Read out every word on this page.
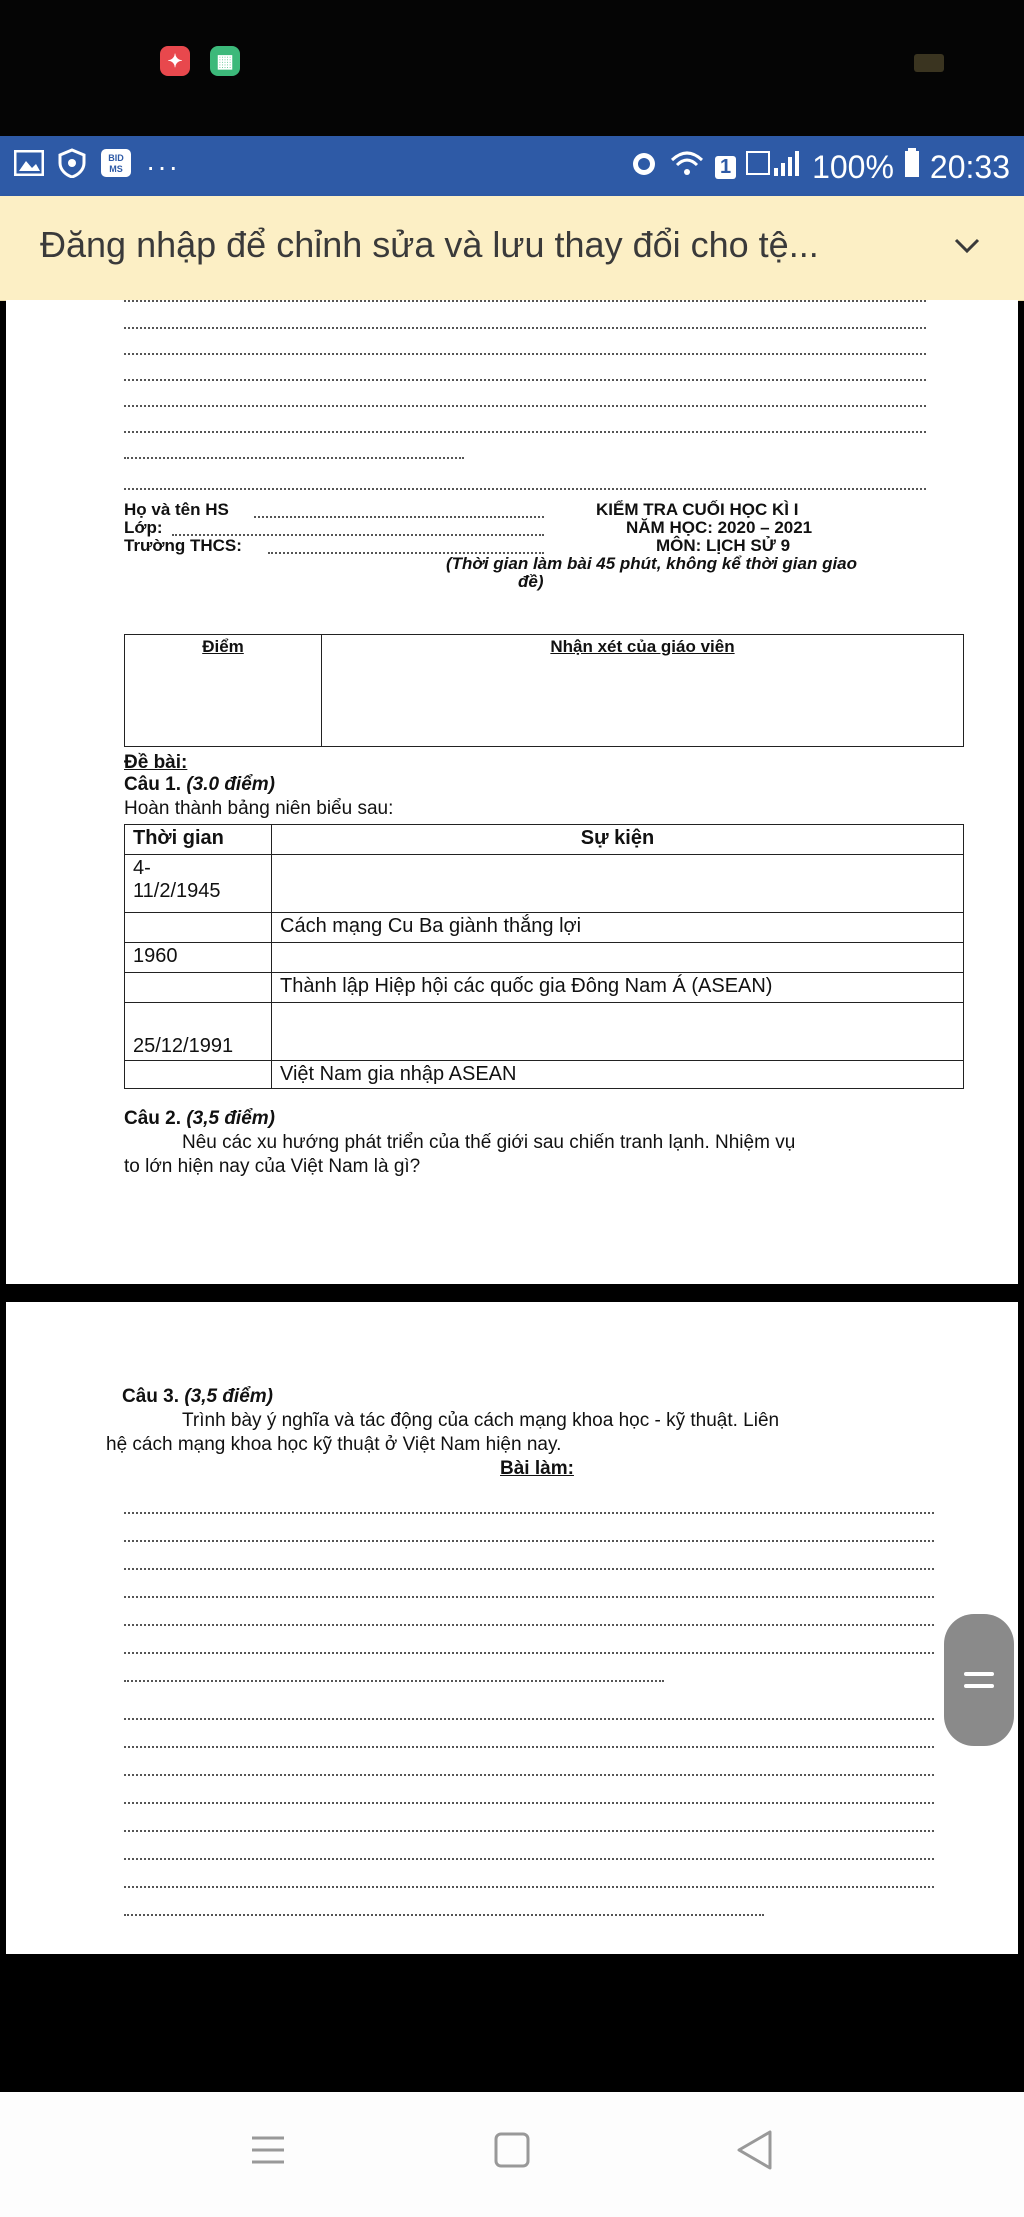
✦	▦
BID
MS ···	1	100% 20:33
Đăng nhập để chỉnh sửa và lưu thay đổi cho tệ...
Họ và tên HS
Lớp:
Trường THCS:
KIỂM TRA CUỐI HỌC KÌ I
NĂM HỌC: 2020 – 2021
MÔN: LỊCH SỬ 9
(Thời gian làm bài 45 phút, không kể thời gian giao
đề)
Điểm	Nhận xét của giáo viên
Đề bài:
Câu 1. (3.0 điểm)
Hoàn thành bảng niên biểu sau:
Thời gian	Sự kiện
4-
11/2/1945	
	Cách mạng Cu Ba giành thắng lợi
1960	
	Thành lập Hiệp hội các quốc gia Đông Nam Á (ASEAN)
25/12/1991	
	Việt Nam gia nhập ASEAN
Câu 2. (3,5 điểm)
Nêu các xu hướng phát triển của thế giới sau chiến tranh lạnh. Nhiệm vụ
to lớn hiện nay của Việt Nam là gì?
Câu 3. (3,5 điểm)
Trình bày ý nghĩa và tác động của cách mạng khoa học - kỹ thuật. Liên
hệ cách mạng khoa học kỹ thuật ở Việt Nam hiện nay.
Bài làm:
